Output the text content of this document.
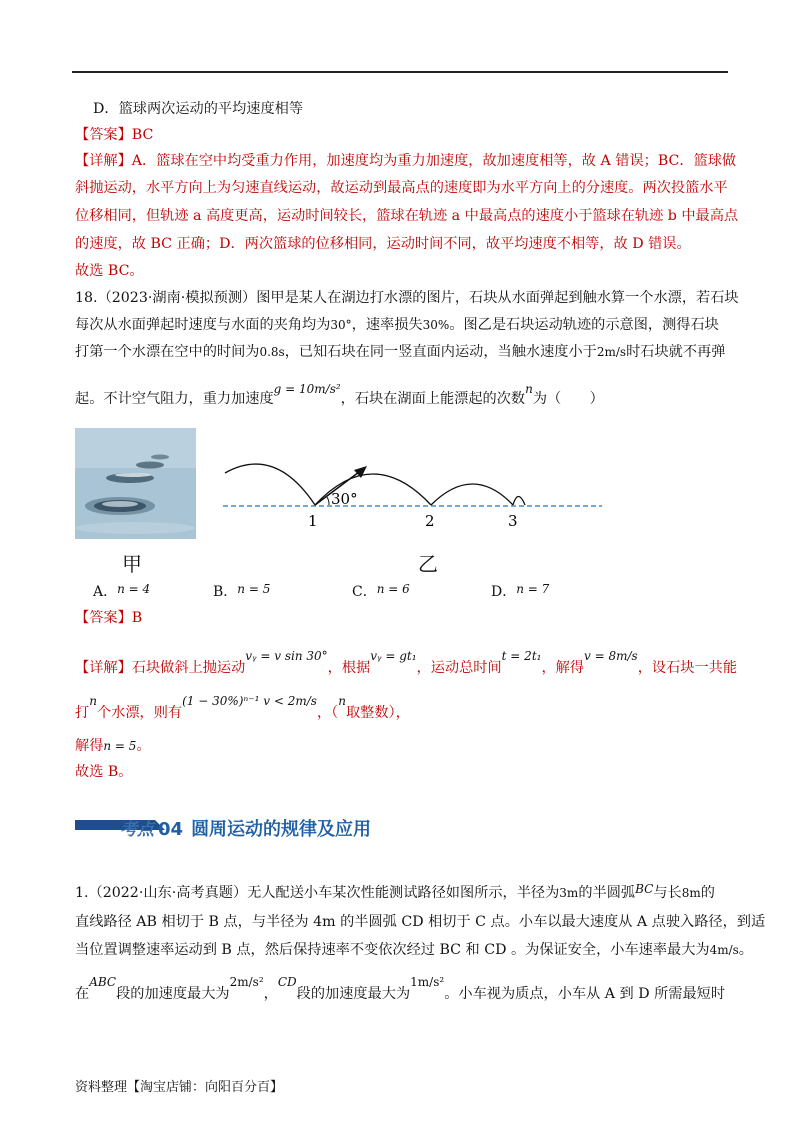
D．篮球两次运动的平均速度相等
【答案】BC
【详解】A．篮球在空中均受重力作用，加速度均为重力加速度，故加速度相等，故 A 错误；BC．篮球做
斜抛运动，水平方向上为匀速直线运动，故运动到最高点的速度即为水平方向上的分速度。两次投篮水平
位移相同，但轨迹 a 高度更高，运动时间较长，篮球在轨迹 a 中最高点的速度小于篮球在轨迹 b 中最高点
的速度，故 BC 正确；D．两次篮球的位移相同，运动时间不同，故平均速度不相等，故 D 错误。
故选 BC。
18.（2023·湖南·模拟预测）图甲是某人在湖边打水漂的图片，石块从水面弹起到触水算一个水漂，若石块
每次从水面弹起时速度与水面的夹角均为30°，速率损失30%。图乙是石块运动轨迹的示意图，测得石块
打第一个水漂在空中的时间为0.8s，已知石块在同一竖直面内运动，当触水速度小于2m/s时石块就不再弹
起。不计空气阻力，重力加速度$^{g = 10m/s^2}$，石块在湖面上能漂起的次数$^n$为（　　）
甲
30°
1	2	3
乙
A．n = 4	B．n = 5	C．n = 6	D．n = 7
【答案】B
【详解】石块做斜上抛运动$^{vᵧ = v sin 30^\circ}$，根据$^{vᵧ = gt_1}$，运动总时间$^{t = 2t_1}$，解得$^{v = 8m/s}$，设石块一共能
打$^n$个水漂，则有$^{(1 - 30\%)^{n-1} v < 2m/s}$，（$^n$取整数），
解得n = 5。
故选 B。
考点 04 圆周运动的规律及应用
1.（2022·山东·高考真题）无人配送小车某次性能测试路径如图所示，半径为3m的半圆弧$^{BC}$与长8m的
直线路径 AB 相切于 B 点，与半径为 4m 的半圆弧 CD 相切于 C 点。小车以最大速度从 A 点驶入路径，到适
当位置调整速率运动到 B 点，然后保持速率不变依次经过 BC 和 CD 。为保证安全，小车速率最大为4m/s。
在$^{ABC}$段的加速度最大为$^{2m/s^2}$，$^{CD}$段的加速度最大为$^{1m/s^2}$。小车视为质点，小车从 A 到 D 所需最短时
资料整理【淘宝店铺：向阳百分百】
